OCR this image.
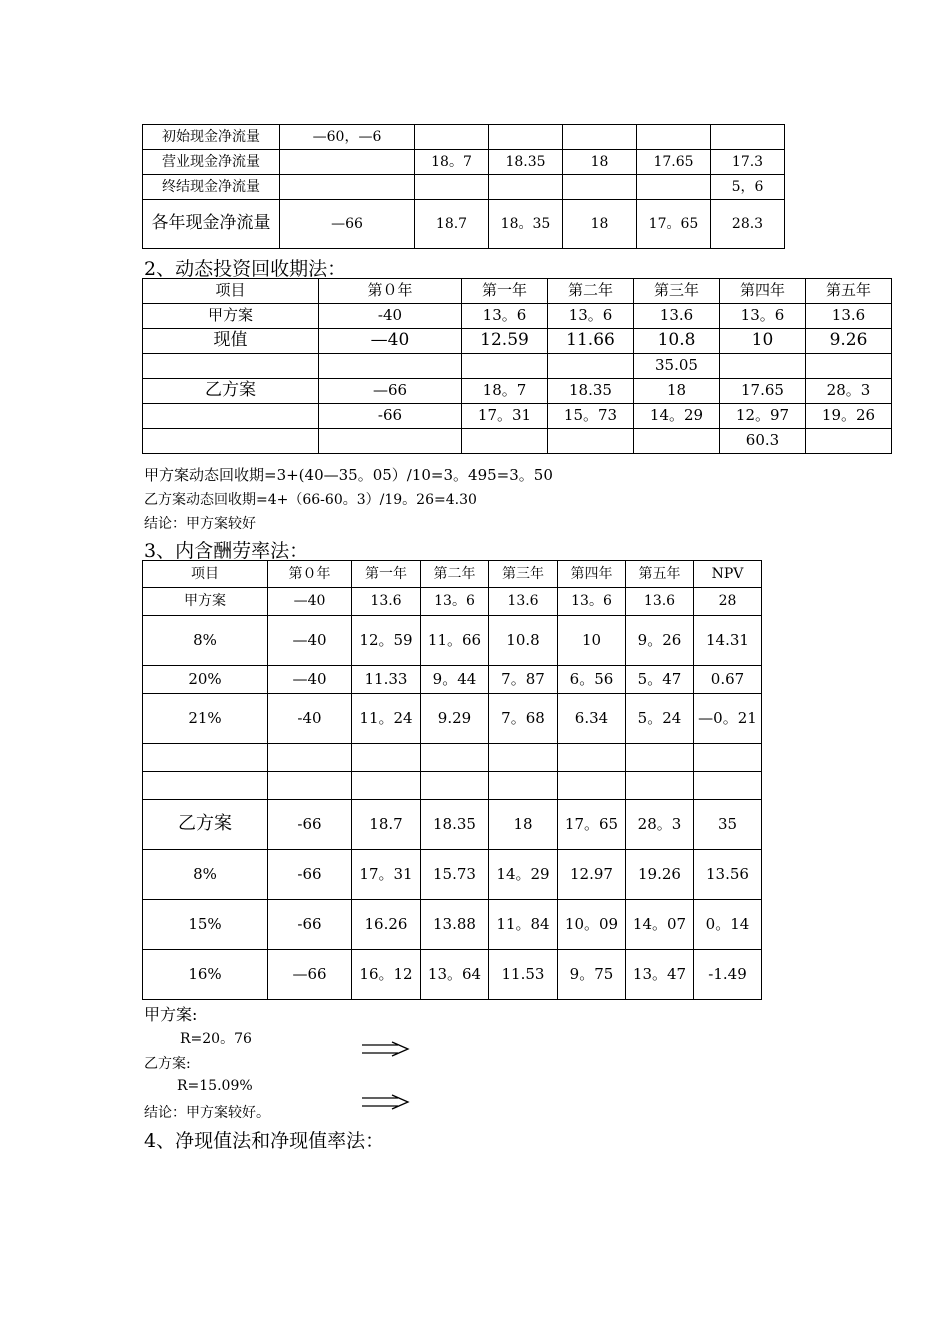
初始现金净流量	—60，—6					
营业现金净流量		18。7	18.35	18	17.65	17.3
终结现金净流量						5，6
各年现金净流量	—66	18.7	18。35	18	17。65	28.3
2、动态投资回收期法：
项目	第０年	第一年	第二年	第三年	第四年	第五年
甲方案	-40	13。6	13。6	13.6	13。6	13.6
现值	—40	12.59	11.66	10.8	10	9.26
				35.05		
乙方案	—66	18。7	18.35	18	17.65	28。3
	-66	17。31	15。73	14。29	12。97	19。26
					60.3	
甲方案动态回收期=3+(40—35。05）/10=3。495=3。50
乙方案动态回收期=4+（66-60。3）/19。26=4.30
结论：甲方案较好
3、内含酬劳率法：
项目	第０年	第一年	第二年	第三年	第四年	第五年	NPV
甲方案	—40	13.6	13。6	13.6	13。6	13.6	28
8%	—40	12。59	11。66	10.8	10	9。26	14.31
20%	—40	11.33	9。44	7。87	6。56	5。47	0.67
21%	-40	11。24	9.29	7。68	6.34	5。24	—0。21

乙方案	-66	18.7	18.35	18	17。65	28。3	35
8%	-66	17。31	15.73	14。29	12.97	19.26	13.56
15%	-66	16.26	13.88	11。84	10。09	14。07	0。14
16%	—66	16。12	13。64	11.53	9。75	13。47	-1.49
甲方案:
R=20。76
乙方案:
R=15.09%
结论：甲方案较好。
4、净现值法和净现值率法：
